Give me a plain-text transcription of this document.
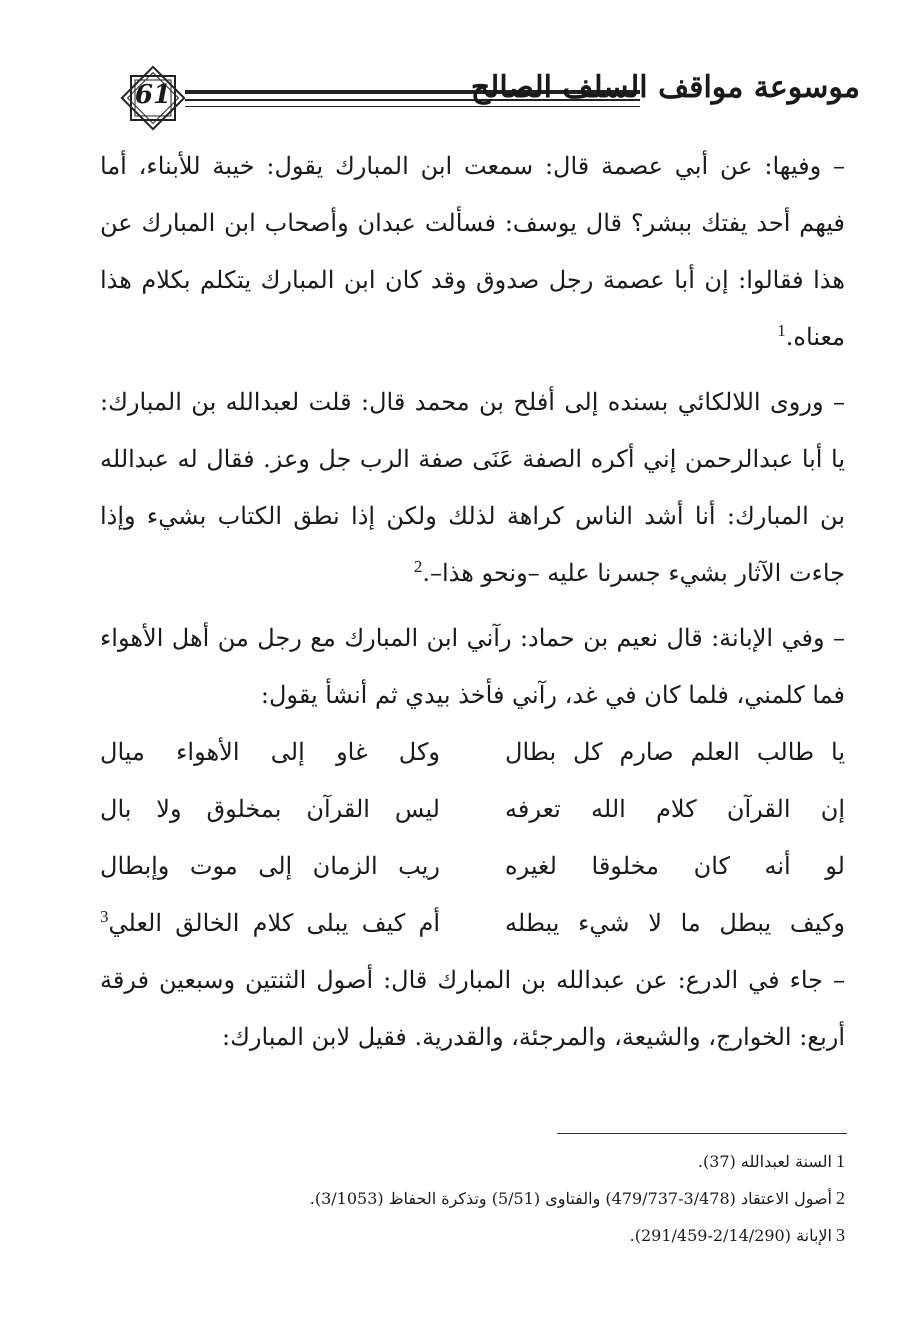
موسوعة مواقف السلف الصالح
61

– وفيها: عن أبي عصمة قال: سمعت ابن المبارك يقول: خيبة للأبناء، أما فيهم أحد يفتك ببشر؟ قال يوسف: فسألت عبدان وأصحاب ابن المبارك عن هذا فقالوا: إن أبا عصمة رجل صدوق وقد كان ابن المبارك يتكلم بكلام هذا معناه.$^1$

– وروى اللالكائي بسنده إلى أفلح بن محمد قال: قلت لعبدالله بن المبارك: يا أبا عبدالرحمن إني أكره الصفة عَنَى صفة الرب جل وعز. فقال له عبدالله بن المبارك: أنا أشد الناس كراهة لذلك ولكن إذا نطق الكتاب بشيء وإذا جاءت الآثار بشيء جسرنا عليه –ونحو هذا–.$^2$

– وفي الإبانة: قال نعيم بن حماد: رآني ابن المبارك مع رجل من أهل الأهواء فما كلمني، فلما كان في غد، رآني فأخذ بيدي ثم أنشأ يقول:

يا طالب العلم صارم كل بطال
وكل غاو إلى الأهواء ميال
إن القرآن كلام الله تعرفه
ليس القرآن بمخلوق ولا بال
لو أنه كان مخلوقا لغيره
ريب الزمان إلى موت وإبطال
وكيف يبطل ما لا شيء يبطله
أم كيف يبلى كلام الخالق العلي$^3$

– جاء في الدرع: عن عبدالله بن المبارك قال: أصول الثنتين وسبعين فرقة أربع: الخوارج، والشيعة، والمرجئة، والقدرية. فقيل لابن المبارك:

1السنة لعبدالله (37).

2أصول الاعتقاد (3/478-479/737) والفتاوى (5/51) وتذكرة الحفاظ (3/1053).

3الإبانة (2/14/290-291/459).
